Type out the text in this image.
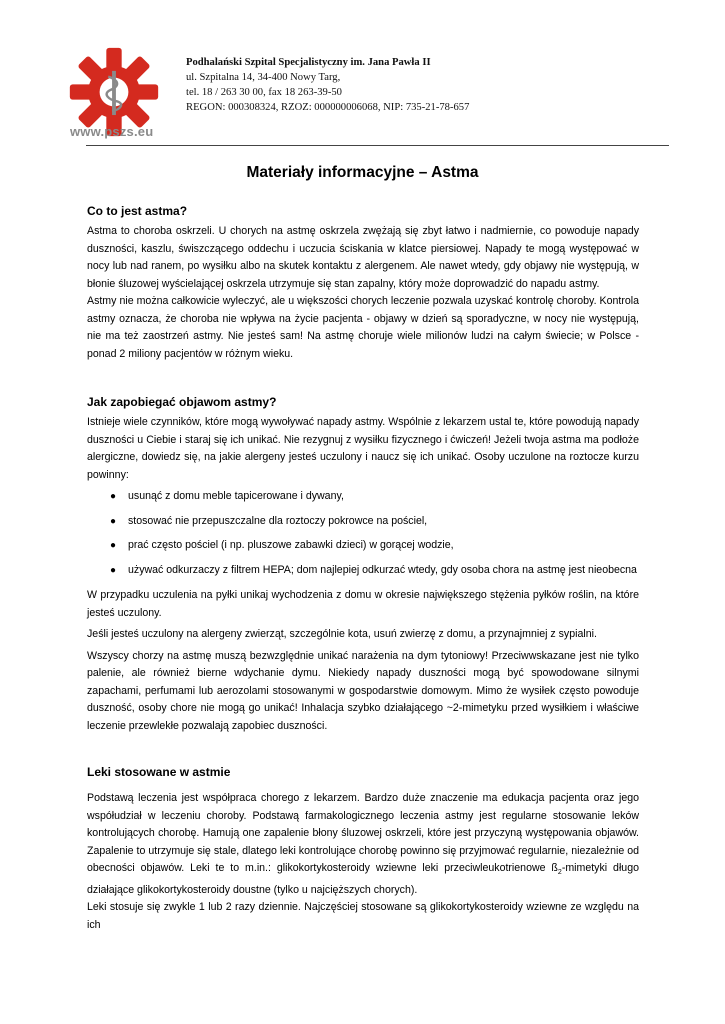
www.pszs.eu
Podhalański Szpital Specjalistyczny im. Jana Pawła II
ul. Szpitalna 14, 34-400 Nowy Targ,
tel. 18 / 263 30 00, fax 18 263-39-50
REGON: 000308324, RZOZ: 000000006068, NIP: 735-21-78-657
Materiały informacyjne – Astma
Co to jest astma?

Astma to choroba oskrzeli. U chorych na astmę oskrzela zwężają się zbyt łatwo i nadmiernie, co powoduje napady duszności, kaszlu, świszczącego oddechu i uczucia ściskania w klatce piersiowej. Napady te mogą występować w nocy lub nad ranem, po wysiłku albo na skutek kontaktu z alergenem. Ale nawet wtedy, gdy objawy nie występują, w błonie śluzowej wyścielającej oskrzela utrzymuje się stan zapalny, który może doprowadzić do napadu astmy.

Astmy nie można całkowicie wyleczyć, ale u większości chorych leczenie pozwala uzyskać kontrolę choroby. Kontrola astmy oznacza, że choroba nie wpływa na życie pacjenta - objawy w dzień są sporadyczne, w nocy nie występują, nie ma też zaostrzeń astmy. Nie jesteś sam! Na astmę choruje wiele milionów ludzi na całym świecie; w Polsce - ponad 2 miliony pacjentów w różnym wieku.

Jak zapobiegać objawom astmy?

Istnieje wiele czynników, które mogą wywoływać napady astmy. Wspólnie z lekarzem ustal te, które powodują napady duszności u Ciebie i staraj się ich unikać. Nie rezygnuj z wysiłku fizycznego i ćwiczeń! Jeżeli twoja astma ma podłoże alergiczne, dowiedz się, na jakie alergeny jesteś uczulony i naucz się ich unikać. Osoby uczulone na roztocze kurzu powinny:

● usunąć z domu meble tapicerowane i dywany,
● stosować nie przepuszczalne dla roztoczy pokrowce na pościel,
● prać często pościel (i np. pluszowe zabawki dzieci) w gorącej wodzie,
● używać odkurzaczy z filtrem HEPA; dom najlepiej odkurzać wtedy, gdy osoba chora na astmę jest nieobecna

W przypadku uczulenia na pyłki unikaj wychodzenia z domu w okresie największego stężenia pyłków roślin, na które jesteś uczulony.

Jeśli jesteś uczulony na alergeny zwierząt, szczególnie kota, usuń zwierzę z domu, a przynajmniej z sypialni.

Wszyscy chorzy na astmę muszą bezwzględnie unikać narażenia na dym tytoniowy! Przeciwwskazane jest nie tylko palenie, ale również bierne wdychanie dymu. Niekiedy napady duszności mogą być spowodowane silnymi zapachami, perfumami lub aerozolami stosowanymi w gospodarstwie domowym. Mimo że wysiłek często powoduje duszność, osoby chore nie mogą go unikać! Inhalacja szybko działającego ~2-mimetyku przed wysiłkiem i właściwe leczenie przewlekłe pozwalają zapobiec duszności.

Leki stosowane w astmie

Podstawą leczenia jest współpraca chorego z lekarzem. Bardzo duże znaczenie ma edukacja pacjenta oraz jego współudział w leczeniu choroby. Podstawą farmakologicznego leczenia astmy jest regularne stosowanie leków kontrolujących chorobę. Hamują one zapalenie błony śluzowej oskrzeli, które jest przyczyną występowania objawów. Zapalenie to utrzymuje się stale, dlatego leki kontrolujące chorobę powinno się przyjmować regularnie, niezależnie od obecności objawów. Leki te to m.in.: glikokortykosteroidy wziewne leki przeciwleukotrienowe $ß_2$-mimetyki długo działające glikokortykosteroidy doustne (tylko u najcięższych chorych).

Leki stosuje się zwykle 1 lub 2 razy dziennie. Najczęściej stosowane są glikokortykosteroidy wziewne ze względu na ich
